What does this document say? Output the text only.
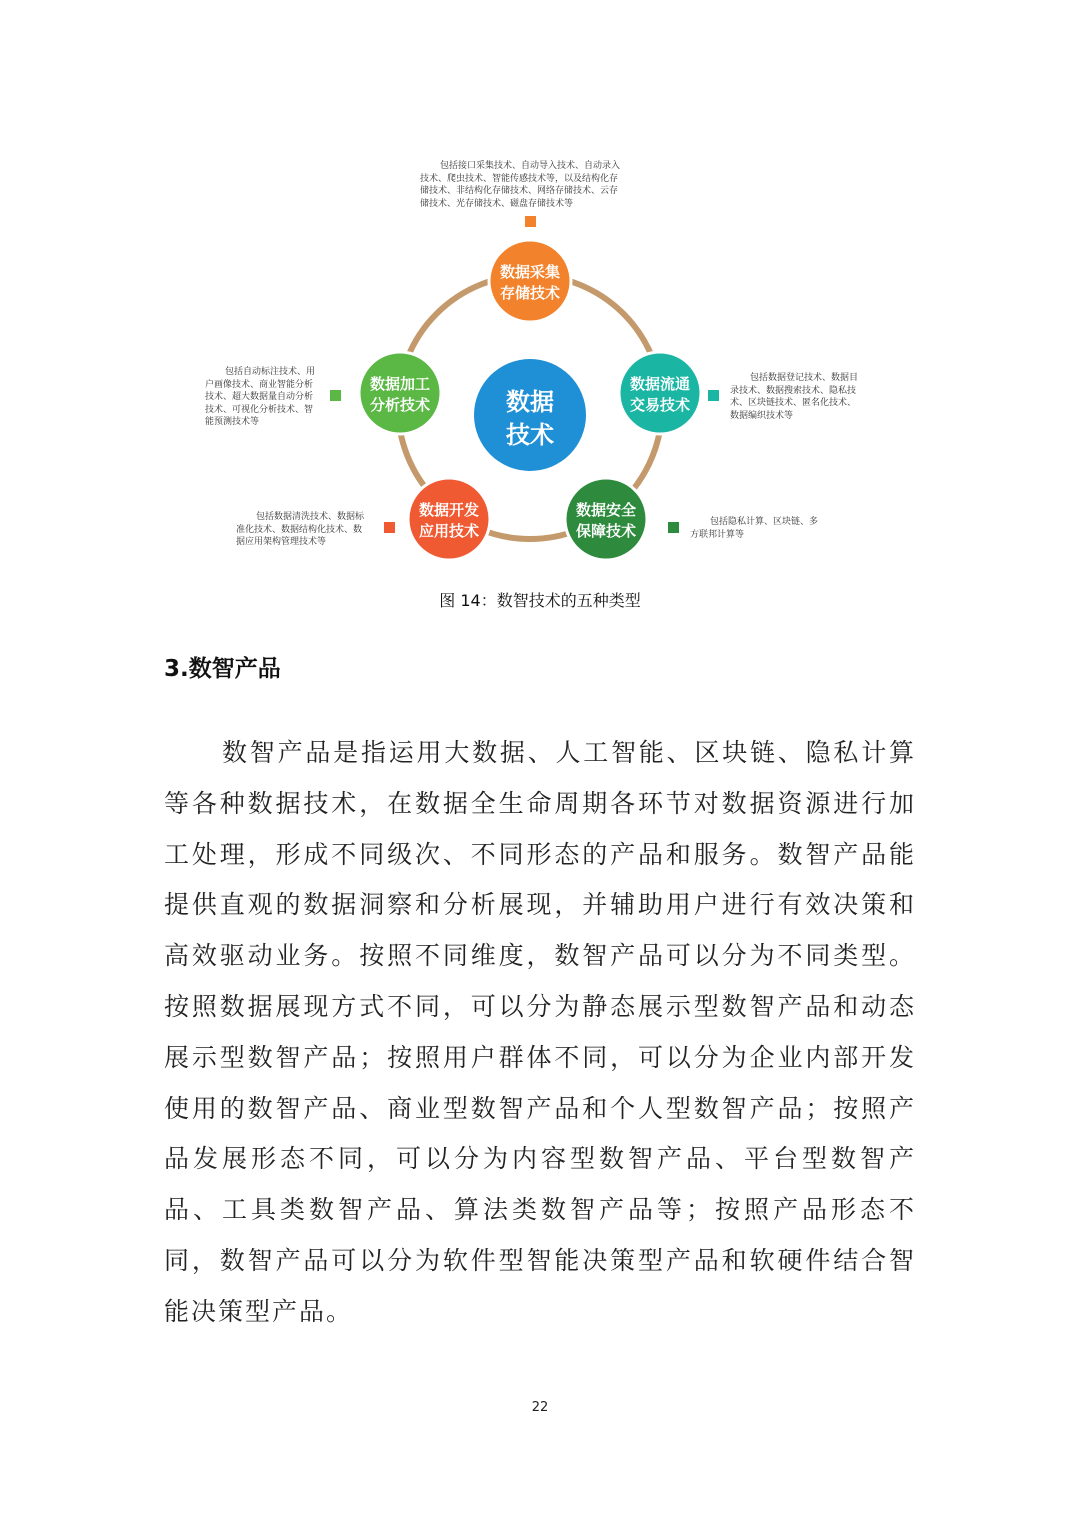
数据
技术
数据采集
存储技术
数据流通
交易技术
数据安全
保障技术
数据开发
应用技术
数据加工
分析技术
包括接口采集技术、自动导入技术、自动录入
技术、爬虫技术、智能传感技术等，以及结构化存
储技术、非结构化存储技术、网络存储技术、云存
储技术、光存储技术、磁盘存储技术等
包括数据登记技术、数据目
录技术、数据搜索技术、隐私技
术、区块链技术、匿名化技术、
数据编织技术等
包括隐私计算、区块链、多
方联邦计算等
包括数据清洗技术、数据标
准化技术、数据结构化技术、数
据应用架构管理技术等
包括自动标注技术、用
户画像技术、商业智能分析
技术、超大数据量自动分析
技术、可视化分析技术、智
能预测技术等
图 14：数智技术的五种类型
3.数智产品
数智产品是指运用大数据、人工智能、区块链、隐私计算等各种数据技术，在数据全生命周期各环节对数据资源进行加工处理，形成不同级次、不同形态的产品和服务。数智产品能提供直观的数据洞察和分析展现，并辅助用户进行有效决策和高效驱动业务。按照不同维度，数智产品可以分为不同类型。按照数据展现方式不同，可以分为静态展示型数智产品和动态展示型数智产品；按照用户群体不同，可以分为企业内部开发使用的数智产品、商业型数智产品和个人型数智产品；按照产品发展形态不同，可以分为内容型数智产品、平台型数智产品、工具类数智产品、算法类数智产品等；按照产品形态不同，数智产品可以分为软件型智能决策型产品和软硬件结合智能决策型产品。
22
